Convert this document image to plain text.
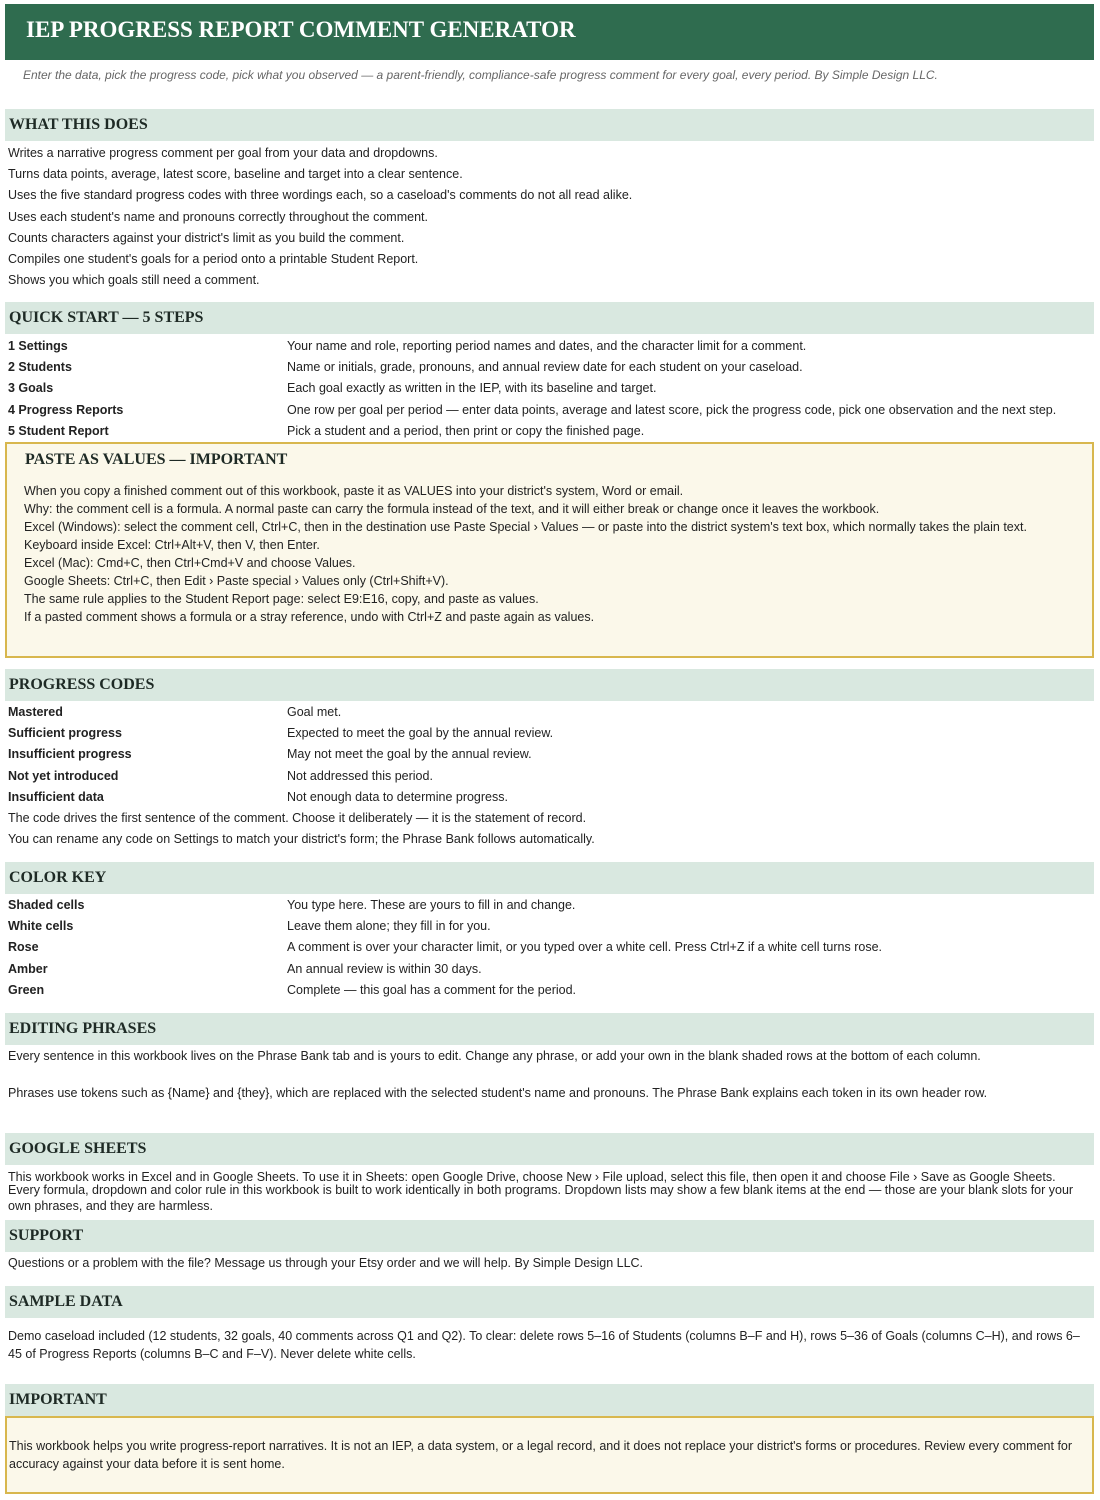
IEP PROGRESS REPORT COMMENT GENERATOR
Enter the data, pick the progress code, pick what you observed — a parent-friendly, compliance-safe progress comment for every goal, every period. By Simple Design LLC.
WHAT THIS DOES
Writes a narrative progress comment per goal from your data and dropdowns.
Turns data points, average, latest score, baseline and target into a clear sentence.
Uses the five standard progress codes with three wordings each, so a caseload's comments do not all read alike.
Uses each student's name and pronouns correctly throughout the comment.
Counts characters against your district's limit as you build the comment.
Compiles one student's goals for a period onto a printable Student Report.
Shows you which goals still need a comment.
QUICK START — 5 STEPS
1 Settings	Your name and role, reporting period names and dates, and the character limit for a comment.
2 Students	Name or initials, grade, pronouns, and annual review date for each student on your caseload.
3 Goals	Each goal exactly as written in the IEP, with its baseline and target.
4 Progress Reports	One row per goal per period — enter data points, average and latest score, pick the progress code, pick one observation and the next step.
5 Student Report	Pick a student and a period, then print or copy the finished page.
PASTE AS VALUES — IMPORTANT
When you copy a finished comment out of this workbook, paste it as VALUES into your district's system, Word or email.
Why: the comment cell is a formula. A normal paste can carry the formula instead of the text, and it will either break or change once it leaves the workbook.
Excel (Windows): select the comment cell, Ctrl+C, then in the destination use Paste Special › Values — or paste into the district system's text box, which normally takes the plain text.
Keyboard inside Excel: Ctrl+Alt+V, then V, then Enter.
Excel (Mac): Cmd+C, then Ctrl+Cmd+V and choose Values.
Google Sheets: Ctrl+C, then Edit › Paste special › Values only (Ctrl+Shift+V).
The same rule applies to the Student Report page: select E9:E16, copy, and paste as values.
If a pasted comment shows a formula or a stray reference, undo with Ctrl+Z and paste again as values.
PROGRESS CODES
Mastered	Goal met.
Sufficient progress	Expected to meet the goal by the annual review.
Insufficient progress	May not meet the goal by the annual review.
Not yet introduced	Not addressed this period.
Insufficient data	Not enough data to determine progress.
The code drives the first sentence of the comment. Choose it deliberately — it is the statement of record.
You can rename any code on Settings to match your district's form; the Phrase Bank follows automatically.
COLOR KEY
Shaded cells	You type here. These are yours to fill in and change.
White cells	Leave them alone; they fill in for you.
Rose	A comment is over your character limit, or you typed over a white cell. Press Ctrl+Z if a white cell turns rose.
Amber	An annual review is within 30 days.
Green	Complete — this goal has a comment for the period.
EDITING PHRASES
Every sentence in this workbook lives on the Phrase Bank tab and is yours to edit. Change any phrase, or add your own in the blank shaded rows at the bottom of each column.
Phrases use tokens such as {Name} and {they}, which are replaced with the selected student's name and pronouns. The Phrase Bank explains each token in its own header row.
GOOGLE SHEETS
This workbook works in Excel and in Google Sheets. To use it in Sheets: open Google Drive, choose New › File upload, select this file, then open it and choose File › Save as Google Sheets.
Every formula, dropdown and color rule in this workbook is built to work identically in both programs. Dropdown lists may show a few blank items at the end — those are your blank slots for your own phrases, and they are harmless.
SUPPORT
Questions or a problem with the file? Message us through your Etsy order and we will help. By Simple Design LLC.
SAMPLE DATA
Demo caseload included (12 students, 32 goals, 40 comments across Q1 and Q2). To clear: delete rows 5–16 of Students (columns B–F and H), rows 5–36 of Goals (columns C–H), and rows 6–45 of Progress Reports (columns B–C and F–V). Never delete white cells.
IMPORTANT
This workbook helps you write progress-report narratives. It is not an IEP, a data system, or a legal record, and it does not replace your district's forms or procedures. Review every comment for accuracy against your data before it is sent home.
